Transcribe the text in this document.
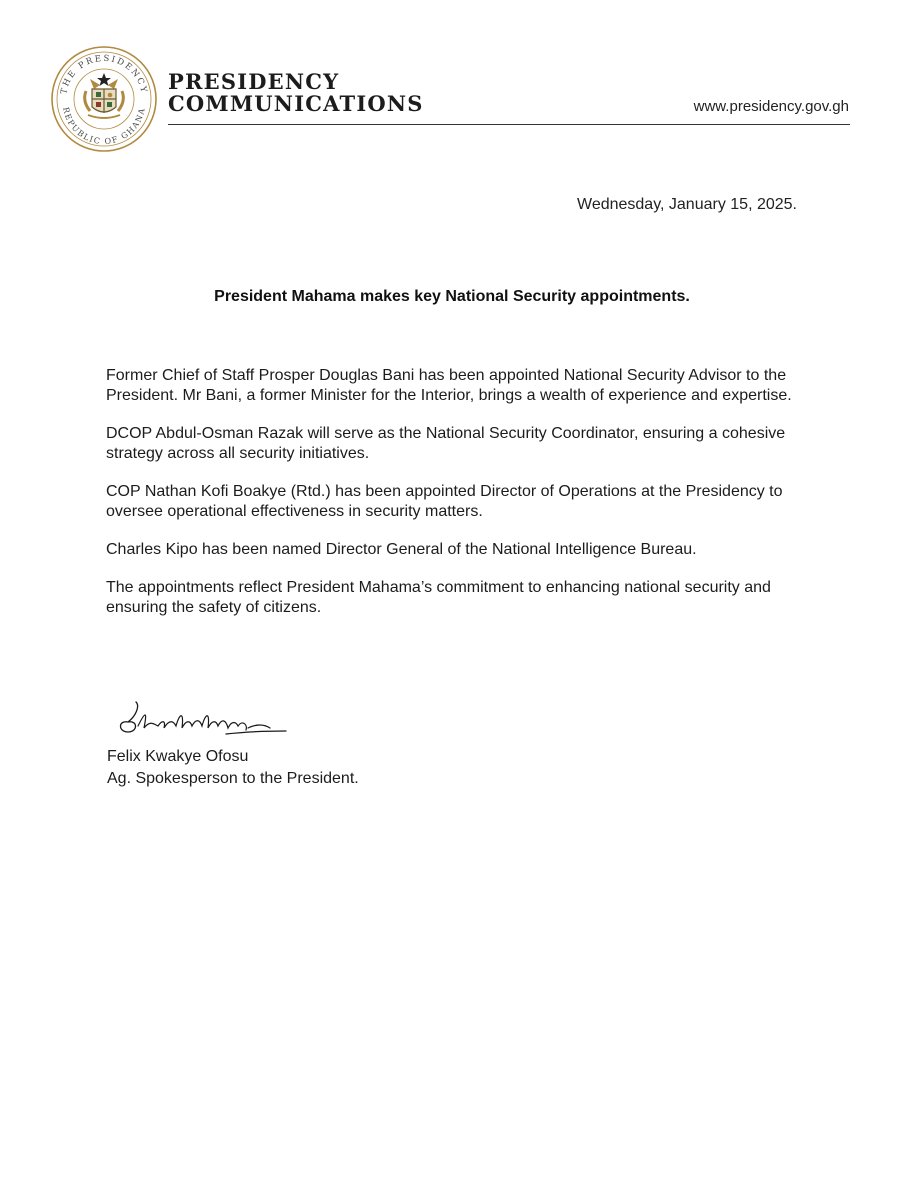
THE PRESIDENCY
REPUBLIC OF GHANA
PRESIDENCY
COMMUNICATIONS	www.presidency.gov.gh
Wednesday, January 15, 2025.
President Mahama makes key National Security appointments.

Former Chief of Staff Prosper Douglas Bani has been appointed National Security Advisor to the President. Mr Bani, a former Minister for the Interior, brings a wealth of experience and expertise.

DCOP Abdul-Osman Razak will serve as the National Security Coordinator, ensuring a cohesive strategy across all security initiatives.

COP Nathan Kofi Boakye (Rtd.) has been appointed Director of Operations at the Presidency to oversee operational effectiveness in security matters.

Charles Kipo has been named Director General of the National Intelligence Bureau.

The appointments reflect President Mahama’s commitment to enhancing national security and ensuring the safety of citizens.

Felix Kwakye Ofosu
Ag. Spokesperson to the President.
